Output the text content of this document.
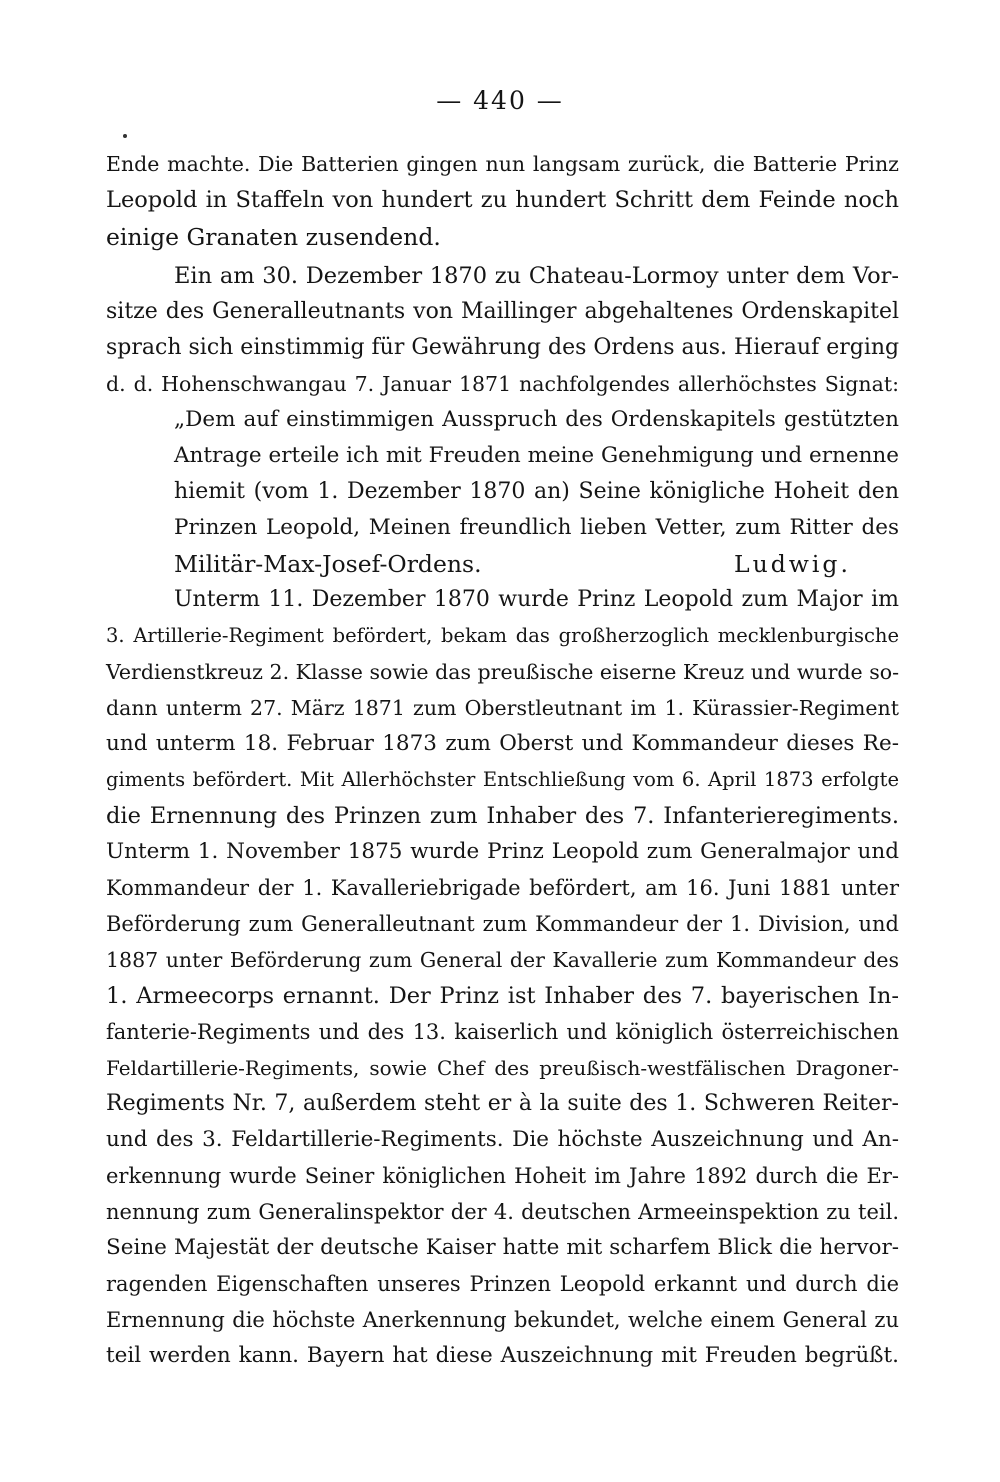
— 440 —
Ende machte. Die Batterien gingen nun langsam zurück, die Batterie Prinz
Leopold in Staffeln von hundert zu hundert Schritt dem Feinde noch
einige Granaten zusendend.
Ein am 30. Dezember 1870 zu Chateau-Lormoy unter dem Vor-
sitze des Generalleutnants von Maillinger abgehaltenes Ordenskapitel
sprach sich einstimmig für Gewährung des Ordens aus. Hierauf erging
d. d. Hohenschwangau 7. Januar 1871 nachfolgendes allerhöchstes Signat:
„Dem auf einstimmigen Ausspruch des Ordenskapitels gestützten
Antrage erteile ich mit Freuden meine Genehmigung und ernenne
hiemit (vom 1. Dezember 1870 an) Seine königliche Hoheit den
Prinzen Leopold, Meinen freundlich lieben Vetter, zum Ritter des
Militär-Max-Josef-Ordens.	Ludwig.
Unterm 11. Dezember 1870 wurde Prinz Leopold zum Major im
3. Artillerie-Regiment befördert, bekam das großherzoglich mecklenburgische
Verdienstkreuz 2. Klasse sowie das preußische eiserne Kreuz und wurde so-
dann unterm 27. März 1871 zum Oberstleutnant im 1. Kürassier-Regiment
und unterm 18. Februar 1873 zum Oberst und Kommandeur dieses Re-
giments befördert. Mit Allerhöchster Entschließung vom 6. April 1873 erfolgte
die Ernennung des Prinzen zum Inhaber des 7. Infanterieregiments.
Unterm 1. November 1875 wurde Prinz Leopold zum Generalmajor und
Kommandeur der 1. Kavalleriebrigade befördert, am 16. Juni 1881 unter
Beförderung zum Generalleutnant zum Kommandeur der 1. Division, und
1887 unter Beförderung zum General der Kavallerie zum Kommandeur des
1. Armeecorps ernannt. Der Prinz ist Inhaber des 7. bayerischen In-
fanterie-Regiments und des 13. kaiserlich und königlich österreichischen
Feldartillerie-Regiments, sowie Chef des preußisch-westfälischen Dragoner-
Regiments Nr. 7, außerdem steht er à la suite des 1. Schweren Reiter-
und des 3. Feldartillerie-Regiments. Die höchste Auszeichnung und An-
erkennung wurde Seiner königlichen Hoheit im Jahre 1892 durch die Er-
nennung zum Generalinspektor der 4. deutschen Armeeinspektion zu teil.
Seine Majestät der deutsche Kaiser hatte mit scharfem Blick die hervor-
ragenden Eigenschaften unseres Prinzen Leopold erkannt und durch die
Ernennung die höchste Anerkennung bekundet, welche einem General zu
teil werden kann. Bayern hat diese Auszeichnung mit Freuden begrüßt.
